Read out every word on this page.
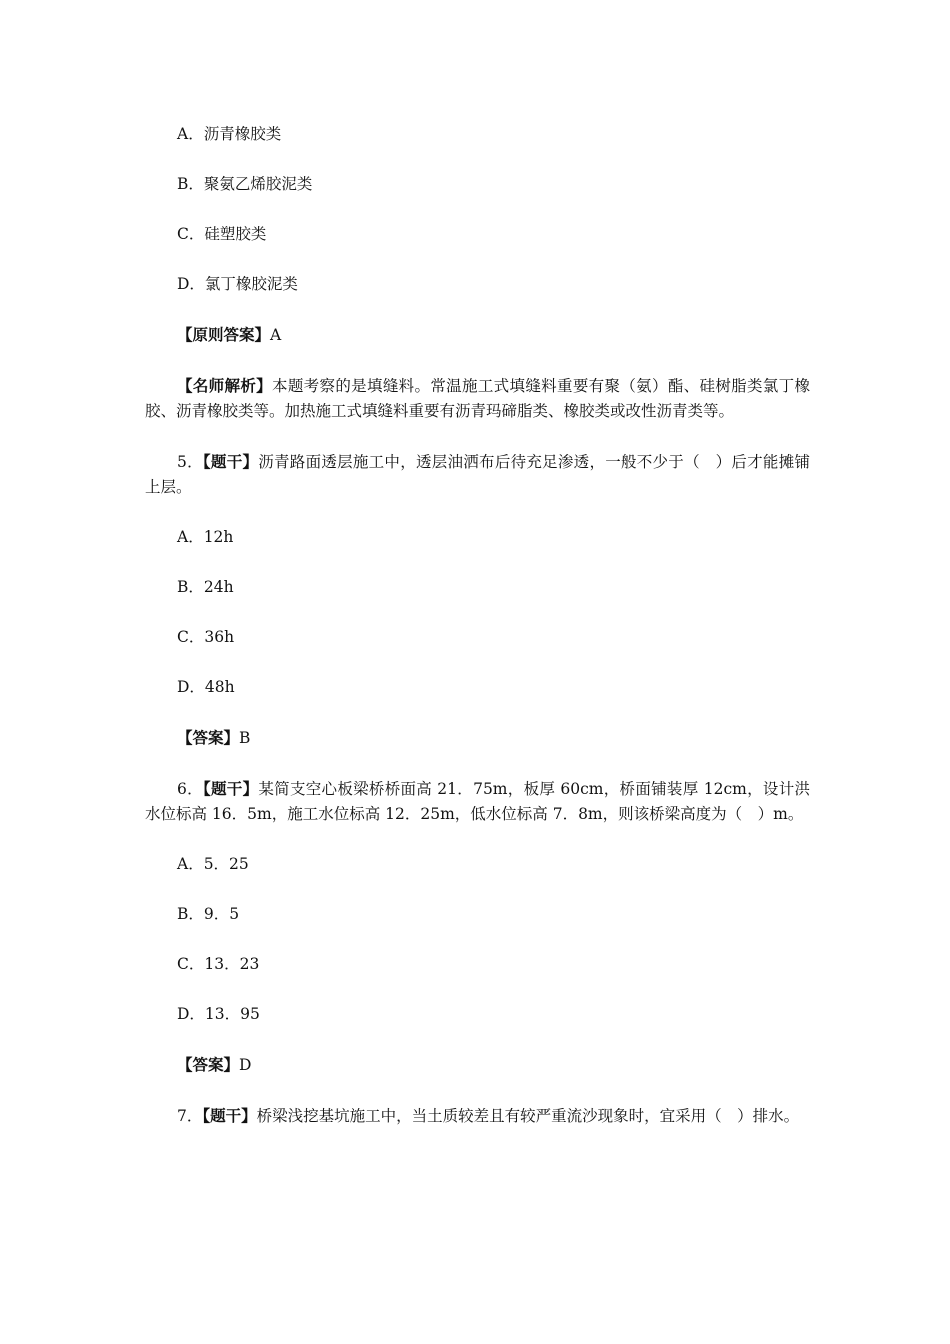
A．沥青橡胶类

B．聚氨乙烯胶泥类

C．硅塑胶类

D．氯丁橡胶泥类

【原则答案】A

【名师解析】本题考察的是填缝料。常温施工式填缝料重要有聚（氨）酯、硅树脂类氯丁橡胶、沥青橡胶类等。加热施工式填缝料重要有沥青玛碲脂类、橡胶类或改性沥青类等。

5．【题干】沥青路面透层施工中，透层油洒布后待充足渗透，一般不少于（　）后才能摊铺上层。

A．12h

B．24h

C．36h

D．48h

【答案】B

6．【题干】某简支空心板梁桥桥面高 21．75m，板厚 60cm，桥面铺装厚 12cm，设计洪水位标高 16．5m，施工水位标高 12．25m，低水位标高 7．8m，则该桥梁高度为（　）m。

A．5．25

B．9．5

C．13．23

D．13．95

【答案】D

7．【题干】桥梁浅挖基坑施工中，当土质较差且有较严重流沙现象时，宜采用（　）排水。
